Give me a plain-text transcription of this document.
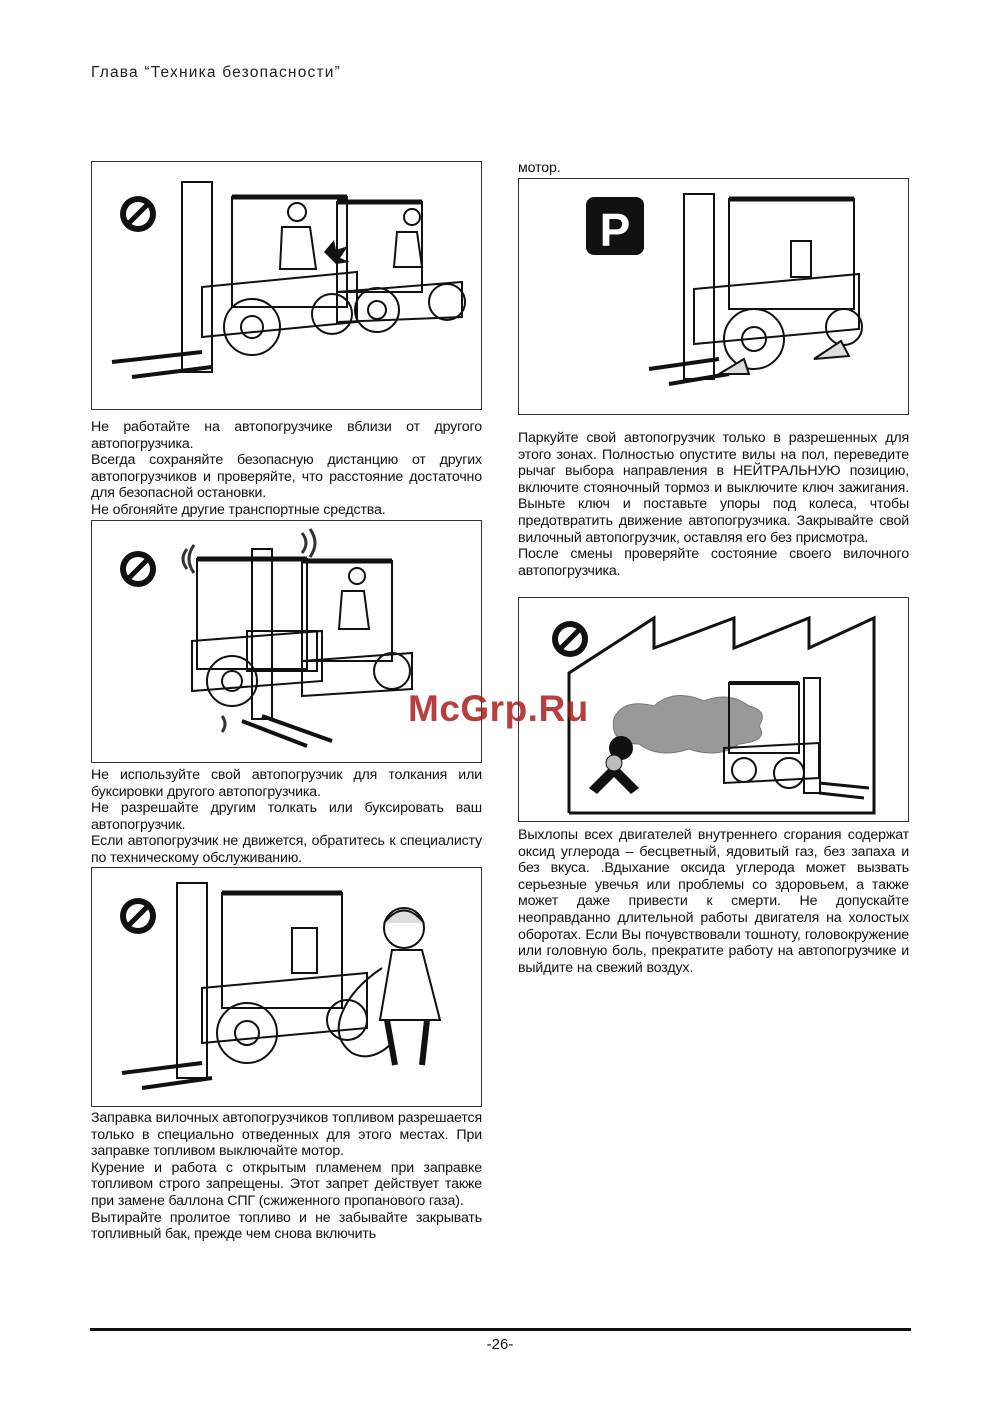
Глава “Техника безопасности”

Не работайте на автопогрузчике вблизи от другого автопогрузчика.

Всегда сохраняйте безопасную дистанцию от других автопогрузчиков и проверяйте, что расстояние достаточно для безопасной остановки.

Не обгоняйте другие транспортные средства.

Не используйте свой автопогрузчик для толкания или буксировки другого автопогрузчика.

Не разрешайте другим толкать или буксировать ваш автопогрузчик.

Если автопогрузчик не движется, обратитесь к специалисту по техническому обслуживанию.

Заправка вилочных автопогрузчиков топливом разрешается только в специально отведенных для этого местах. При заправке топливом выключайте мотор.

Курение и работа с открытым пламенем при заправке топливом строго запрещены. Этот запрет действует также при замене баллона СПГ (сжиженного пропанового газа).

Вытирайте пролитое топливо и не забывайте закрывать топливный бак, прежде чем снова включить

мотор.
P

Паркуйте свой автопогрузчик только в разрешенных для этого зонах. Полностью опустите вилы на пол, переведите рычаг выбора направления в НЕЙТРАЛЬНУЮ позицию, включите стояночный тормоз и выключите ключ зажигания. Выньте ключ и поставьте упоры под колеса, чтобы предотвратить движение автопогрузчика. Закрывайте свой вилочный автопогрузчик, оставляя его без присмотра.

После смены проверяйте состояние своего вилочного автопогрузчика.

Выхлопы всех двигателей внутреннего сгорания содержат оксид углерода – бесцветный, ядовитый газ, без запаха и без вкуса. .Вдыхание оксида углерода может вызвать серьезные увечья или проблемы со здоровьем, а также может даже привести к смерти. Не допускайте неоправданно длительной работы двигателя на холостых оборотах. Если Вы почувствовали тошноту, головокружение или головную боль, прекратите работу на автопогрузчике и выйдите на свежий воздух.

McGrp.Ru
-26-
